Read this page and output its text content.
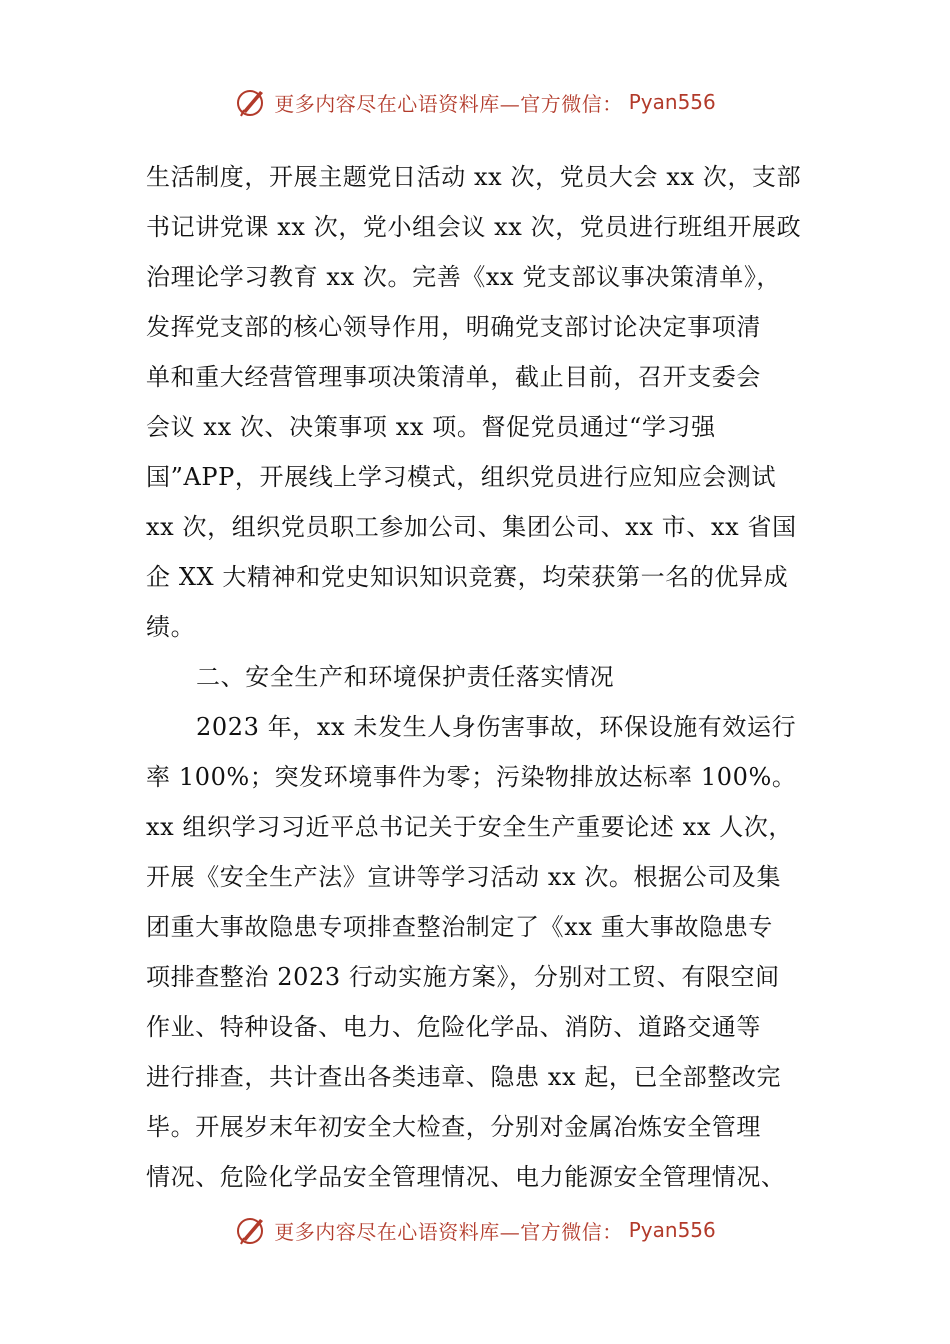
更多内容尽在心语资料库—官方微信： Pyan556
生活制度，开展主题党日活动 xx 次，党员大会 xx 次，支部
书记讲党课 xx 次，党小组会议 xx 次，党员进行班组开展政
治理论学习教育 xx 次。完善《xx 党支部议事决策清单》，
发挥党支部的核心领导作用，明确党支部讨论决定事项清
单和重大经营管理事项决策清单，截止目前，召开支委会
会议 xx 次、决策事项 xx 项。督促党员通过“学习强
国”APP，开展线上学习模式，组织党员进行应知应会测试
xx 次，组织党员职工参加公司、集团公司、xx 市、xx 省国
企 XX 大精神和党史知识知识竞赛，均荣获第一名的优异成
绩。
二、安全生产和环境保护责任落实情况
2023 年，xx 未发生人身伤害事故，环保设施有效运行
率 100%；突发环境事件为零；污染物排放达标率 100%。
xx 组织学习习近平总书记关于安全生产重要论述 xx 人次，
开展《安全生产法》宣讲等学习活动 xx 次。根据公司及集
团重大事故隐患专项排查整治制定了《xx 重大事故隐患专
项排查整治 2023 行动实施方案》，分别对工贸、有限空间
作业、特种设备、电力、危险化学品、消防、道路交通等
进行排查，共计查出各类违章、隐患 xx 起，已全部整改完
毕。开展岁末年初安全大检查，分别对金属冶炼安全管理
情况、危险化学品安全管理情况、电力能源安全管理情况、
更多内容尽在心语资料库—官方微信： Pyan556
